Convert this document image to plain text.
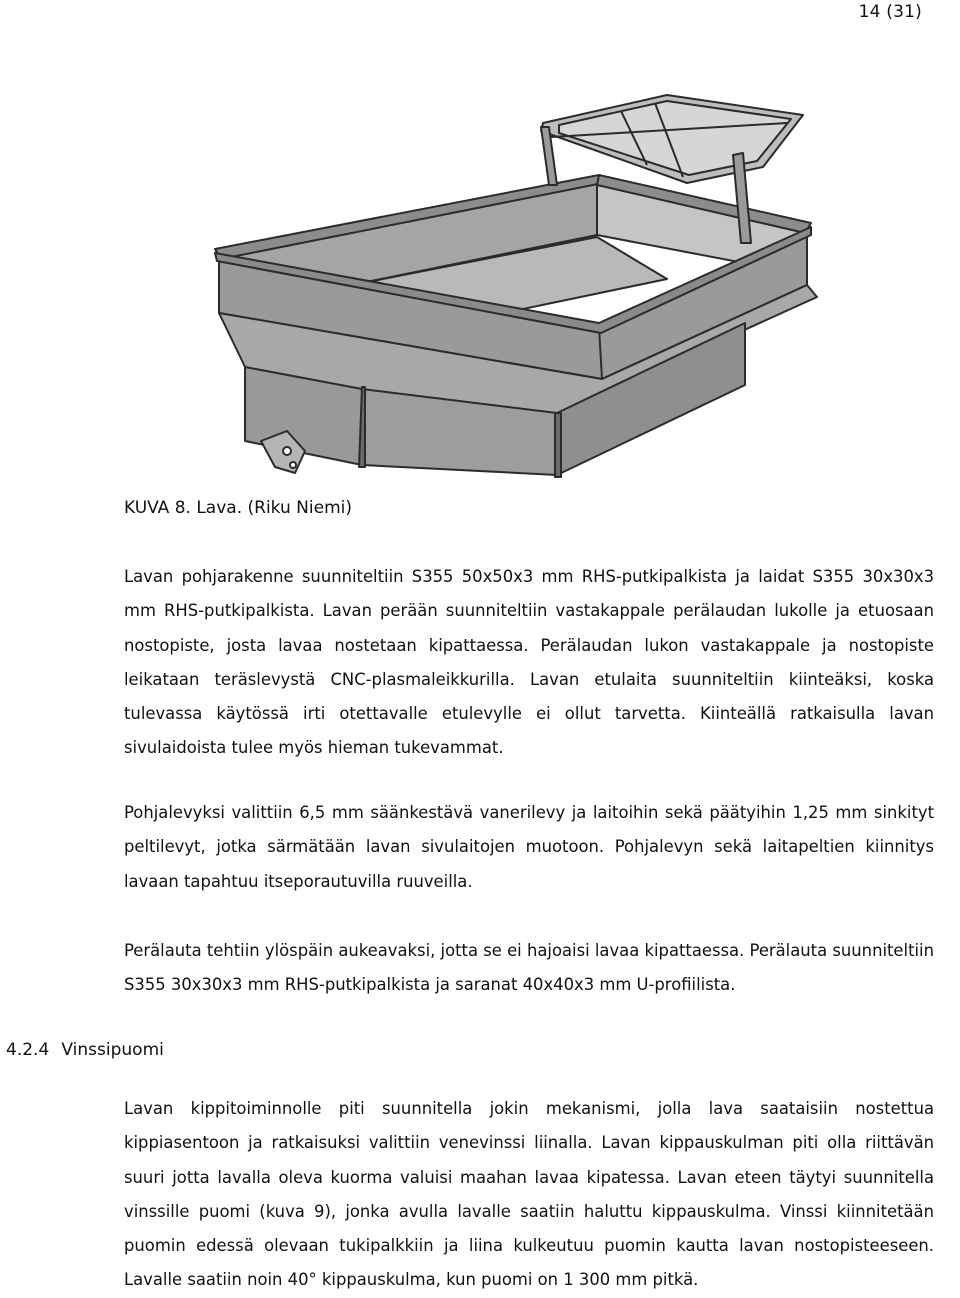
14 (31)
KUVA 8. Lava. (Riku Niemi)

Lavan pohjarakenne suunniteltiin S355 50x50x3 mm RHS-putkipalkista ja laidat S355 30x30x3 mm RHS-putkipalkista. Lavan perään suunniteltiin vastakappale perälaudan lukolle ja etuosaan nostopiste, josta lavaa nostetaan kipattaessa. Perälaudan lukon vastakappale ja nostopiste leikataan teräslevystä CNC-plasmaleikkurilla. Lavan etulaita suunniteltiin kiinteäksi, koska tulevassa käytössä irti otettavalle etulevylle ei ollut tarvetta. Kiinteällä ratkaisulla lavan sivulaidoista tulee myös hieman tukevammat.

Pohjalevyksi valittiin 6,5 mm säänkestävä vanerilevy ja laitoihin sekä päätyihin 1,25 mm sinkityt peltilevyt, jotka särmätään lavan sivulaitojen muotoon. Pohjalevyn sekä laitapeltien kiinnitys lavaan tapahtuu itseporautuvilla ruuveilla.

Perälauta tehtiin ylöspäin aukeavaksi, jotta se ei hajoaisi lavaa kipattaessa. Perälauta suunniteltiin S355 30x30x3 mm RHS-putkipalkista ja saranat 40x40x3 mm U-profiilista.

4.2.4 Vinssipuomi

Lavan kippitoiminnolle piti suunnitella jokin mekanismi, jolla lava saataisiin nostettua kippiasentoon ja ratkaisuksi valittiin venevinssi liinalla. Lavan kippauskulman piti olla riittävän suuri jotta lavalla oleva kuorma valuisi maahan lavaa kipatessa. Lavan eteen täytyi suunnitella vinssille puomi (kuva 9), jonka avulla lavalle saatiin haluttu kippauskulma. Vinssi kiinnitetään puomin edessä olevaan tukipalkkiin ja liina kulkeutuu puomin kautta lavan nostopisteeseen. Lavalle saatiin noin 40° kippauskulma, kun puomi on 1 300 mm pitkä.
